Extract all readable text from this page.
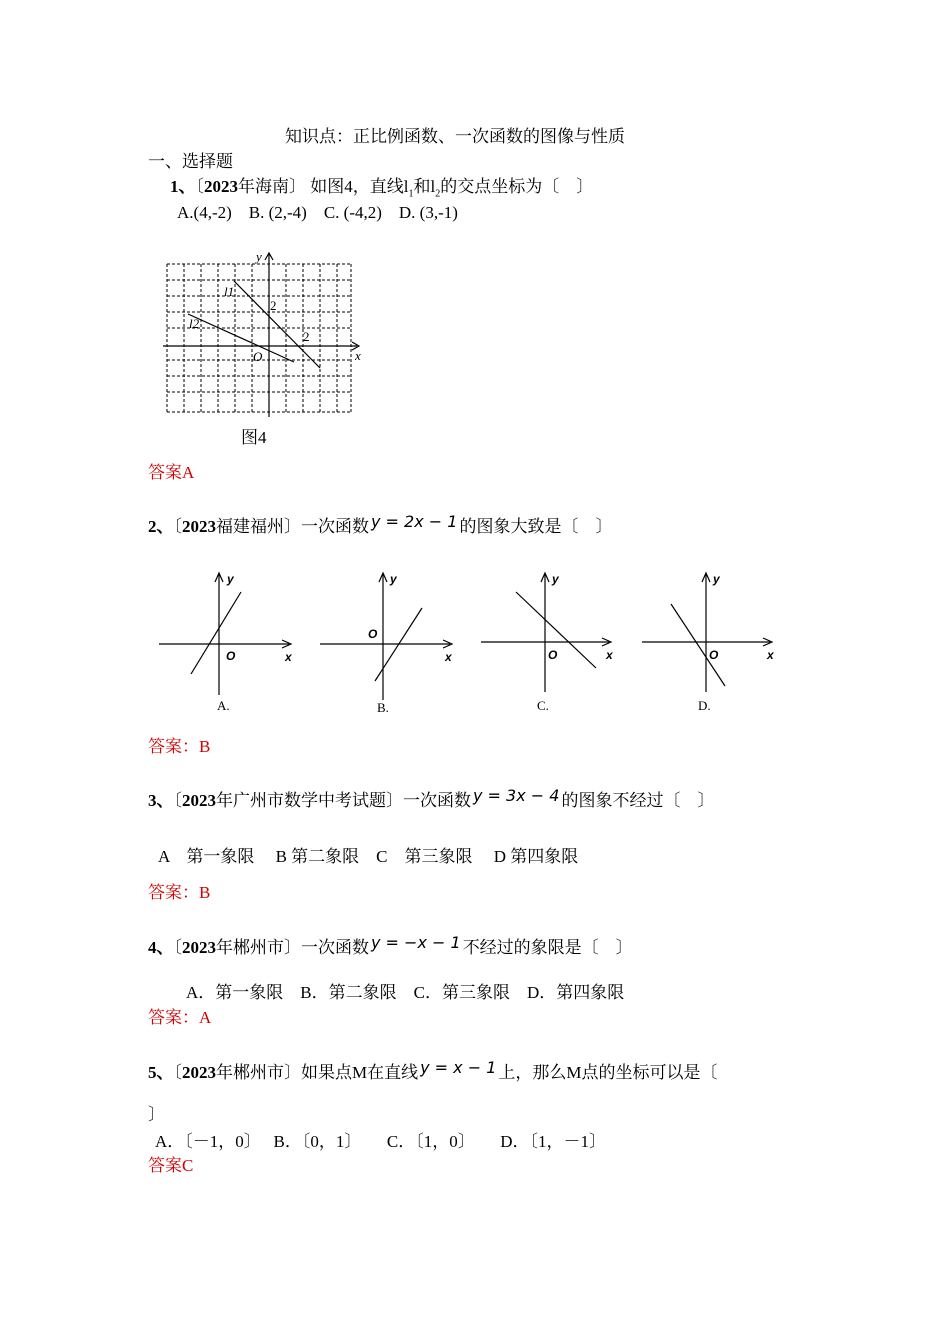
知识点：正比例函数、一次函数的图像与性质
一、选择题
1、〔2023年海南〕 如图4，直线$l_1$和$l_2$的交点坐标为〔　〕
A.(4,-2)　B. (2,-4)　C. (-4,2)　D. (3,-1)
y
x
O
l1
l2
2
2
图4
答案A
2、〔2023福建福州〕一次函数 y = 2x − 1 的图象大致是〔　〕
y
x
O
A.
y
x
O
B.
y
x
O
C.
y
x
O
D.
答案：B
3、〔2023年广州市数学中考试题〕一次函数 y = 3x − 4 的图象不经过〔　〕
A　第一象限　 B 第二象限　C　第三象限　 D 第四象限
答案：B
4、〔2023年郴州市〕一次函数 y = −x − 1 不经过的象限是〔　〕
A．第一象限　B．第二象限　C．第三象限　D．第四象限
答案：A
5、〔2023年郴州市〕如果点M在直线 y = x − 1 上，那么M点的坐标可以是〔
〕
A．〔－1，0〕　 B．〔0，1〕　　C．〔1，0〕　　D．〔1，－1〕
答案C
